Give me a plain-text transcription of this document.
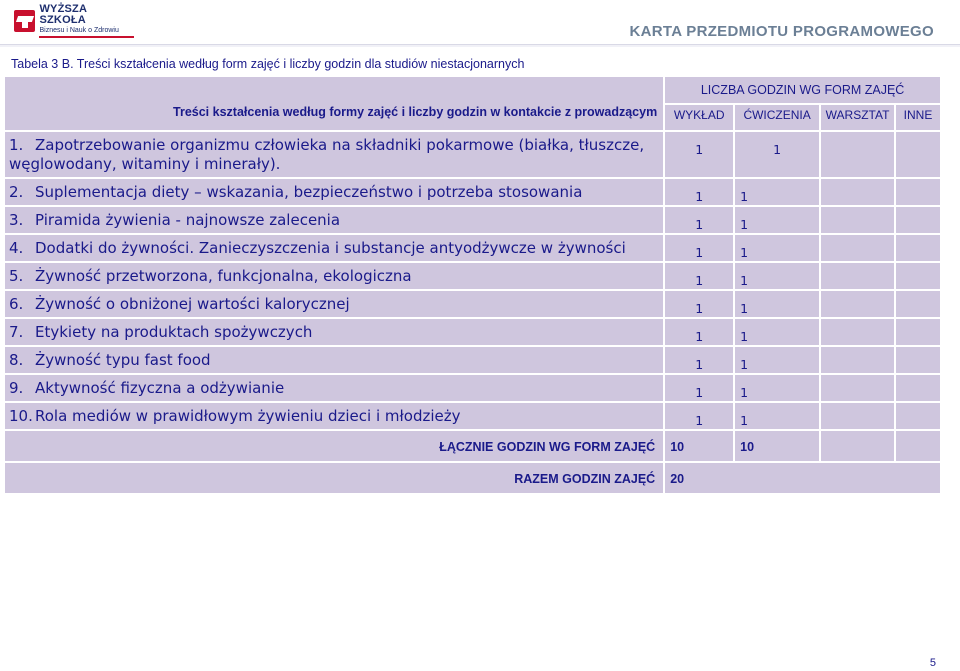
WYŻSZA SZKOŁA
Biznesu i Nauk o Zdrowiu	KARTA PRZEDMIOTU PROGRAMOWEGO
Tabela 3 B. Treści kształcenia według form zajęć i liczby godzin dla studiów niestacjonarnych
Treści kształcenia według formy zajęć i liczby godzin w kontakcie z prowadzącym	LICZBA GODZIN WG FORM ZAJĘĆ			
	WYKŁAD	ĆWICZENIA	WARSZTAT	INNE
1. Zapotrzebowanie organizmu człowieka na składniki pokarmowe (białka, tłuszcze, węglowodany, witaminy i minerały).	1	1		
2. Suplementacja diety – wskazania, bezpieczeństwo i potrzeba stosowania	1	1		
3. Piramida żywienia - najnowsze zalecenia	1	1		
4. Dodatki do żywności. Zanieczyszczenia i substancje antyodżywcze w żywności	1	1		
5. Żywność przetworzona, funkcjonalna, ekologiczna	1	1		
6. Żywność o obniżonej wartości kalorycznej	1	1		
7. Etykiety na produktach spożywczych	1	1		
8. Żywność typu fast food	1	1		
9. Aktywność fizyczna a odżywianie	1	1		
10. Rola mediów w prawidłowym żywieniu dzieci i młodzieży	1	1		
ŁĄCZNIE GODZIN WG FORM ZAJĘĆ	10	10		
RAZEM GODZIN ZAJĘĆ	20			
5
